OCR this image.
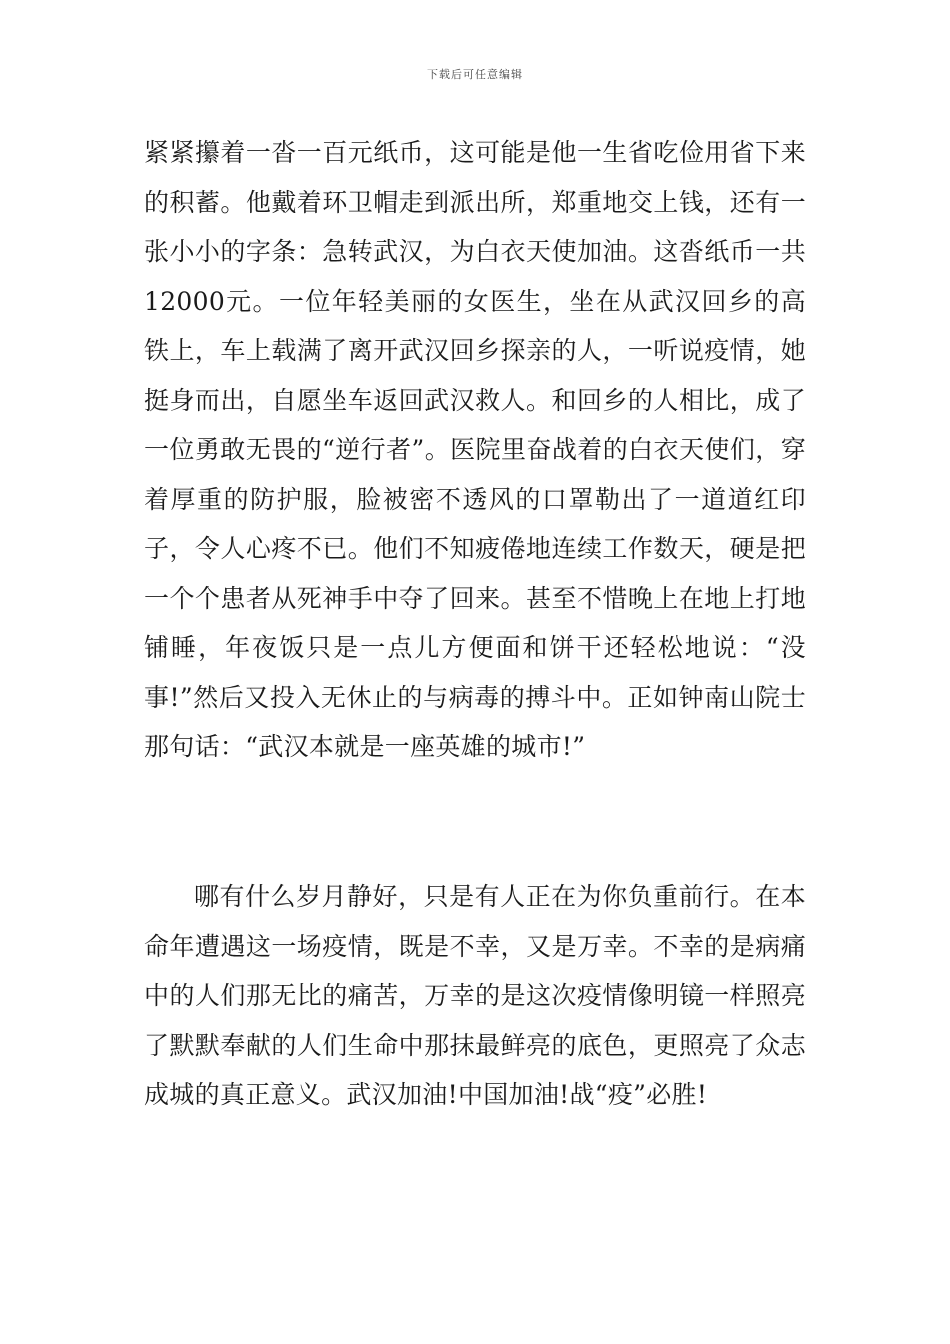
下载后可任意编辑

紧紧攥着一沓一百元纸币，这可能是他一生省吃俭用省下来的积蓄。他戴着环卫帽走到派出所，郑重地交上钱，还有一张小小的字条：急转武汉，为白衣天使加油。这沓纸币一共12000元。一位年轻美丽的女医生，坐在从武汉回乡的高铁上，车上载满了离开武汉回乡探亲的人，一听说疫情，她挺身而出，自愿坐车返回武汉救人。和回乡的人相比，成了一位勇敢无畏的“逆行者”。医院里奋战着的白衣天使们，穿着厚重的防护服，脸被密不透风的口罩勒出了一道道红印子，令人心疼不已。他们不知疲倦地连续工作数天，硬是把一个个患者从死神手中夺了回来。甚至不惜晚上在地上打地铺睡，年夜饭只是一点儿方便面和饼干还轻松地说：“没事!”然后又投入无休止的与病毒的搏斗中。正如钟南山院士那句话：“武汉本就是一座英雄的城市!”

哪有什么岁月静好，只是有人正在为你负重前行。在本命年遭遇这一场疫情，既是不幸，又是万幸。不幸的是病痛中的人们那无比的痛苦，万幸的是这次疫情像明镜一样照亮了默默奉献的人们生命中那抹最鲜亮的底色，更照亮了众志成城的真正意义。武汉加油!中国加油!战“疫”必胜!
